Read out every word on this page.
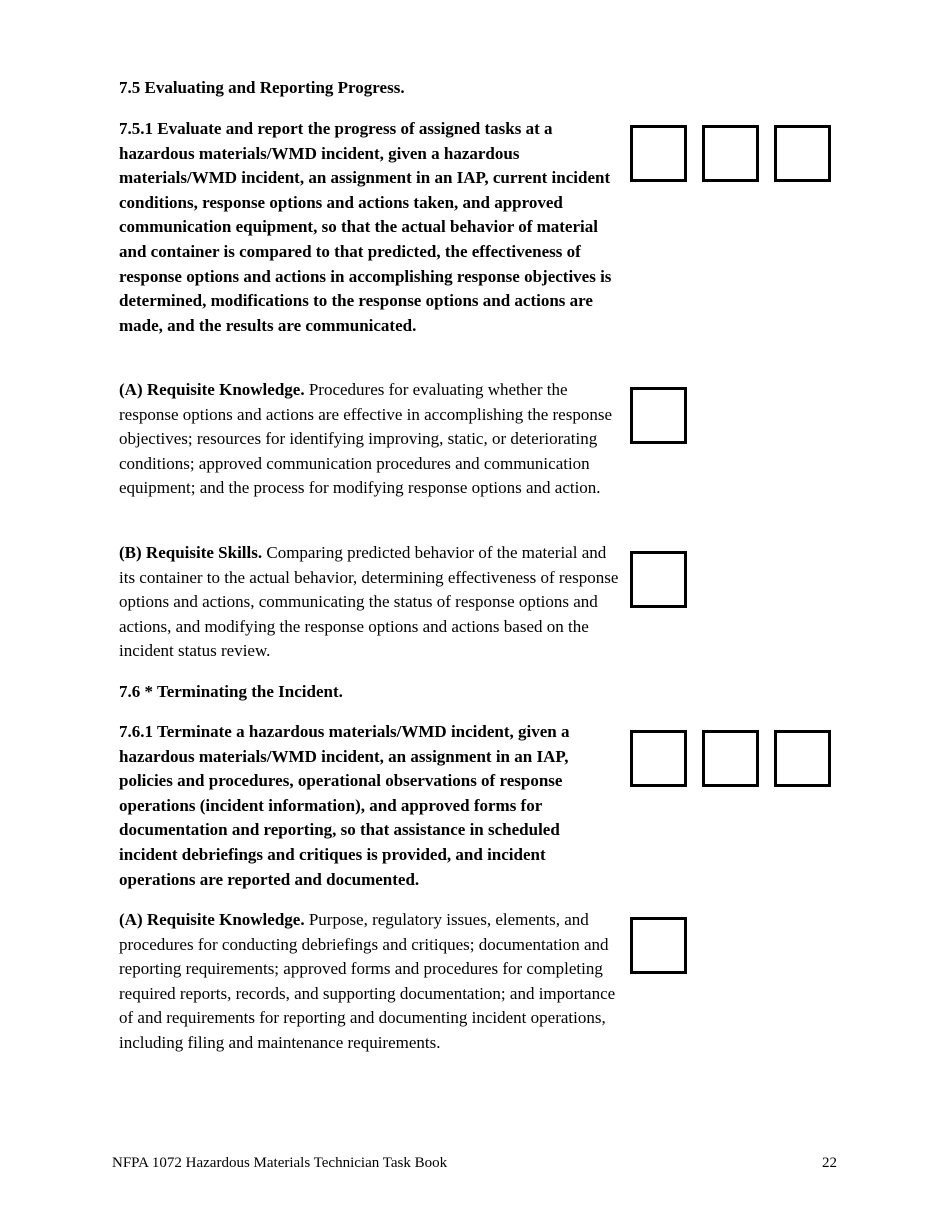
7.5 Evaluating and Reporting Progress.
7.5.1 Evaluate and report the progress of assigned tasks at a hazardous materials/WMD incident, given a hazardous materials/WMD incident, an assignment in an IAP, current incident conditions, response options and actions taken, and approved communication equipment, so that the actual behavior of material and container is compared to that predicted, the effectiveness of response options and actions in accomplishing response objectives is determined, modifications to the response options and actions are made, and the results are communicated.
(A) Requisite Knowledge. Procedures for evaluating whether the response options and actions are effective in accomplishing the response objectives; resources for identifying improving, static, or deteriorating conditions; approved communication procedures and communication equipment; and the process for modifying response options and action.
(B) Requisite Skills. Comparing predicted behavior of the material and its container to the actual behavior, determining effectiveness of response options and actions, communicating the status of response options and actions, and modifying the response options and actions based on the incident status review.
7.6 * Terminating the Incident.
7.6.1 Terminate a hazardous materials/WMD incident, given a hazardous materials/WMD incident, an assignment in an IAP, policies and procedures, operational observations of response operations (incident information), and approved forms for documentation and reporting, so that assistance in scheduled incident debriefings and critiques is provided, and incident operations are reported and documented.
(A) Requisite Knowledge. Purpose, regulatory issues, elements, and procedures for conducting debriefings and critiques; documentation and reporting requirements; approved forms and procedures for completing required reports, records, and supporting documentation; and importance of and requirements for reporting and documenting incident operations, including filing and maintenance requirements.
NFPA 1072 Hazardous Materials Technician Task Book	22
